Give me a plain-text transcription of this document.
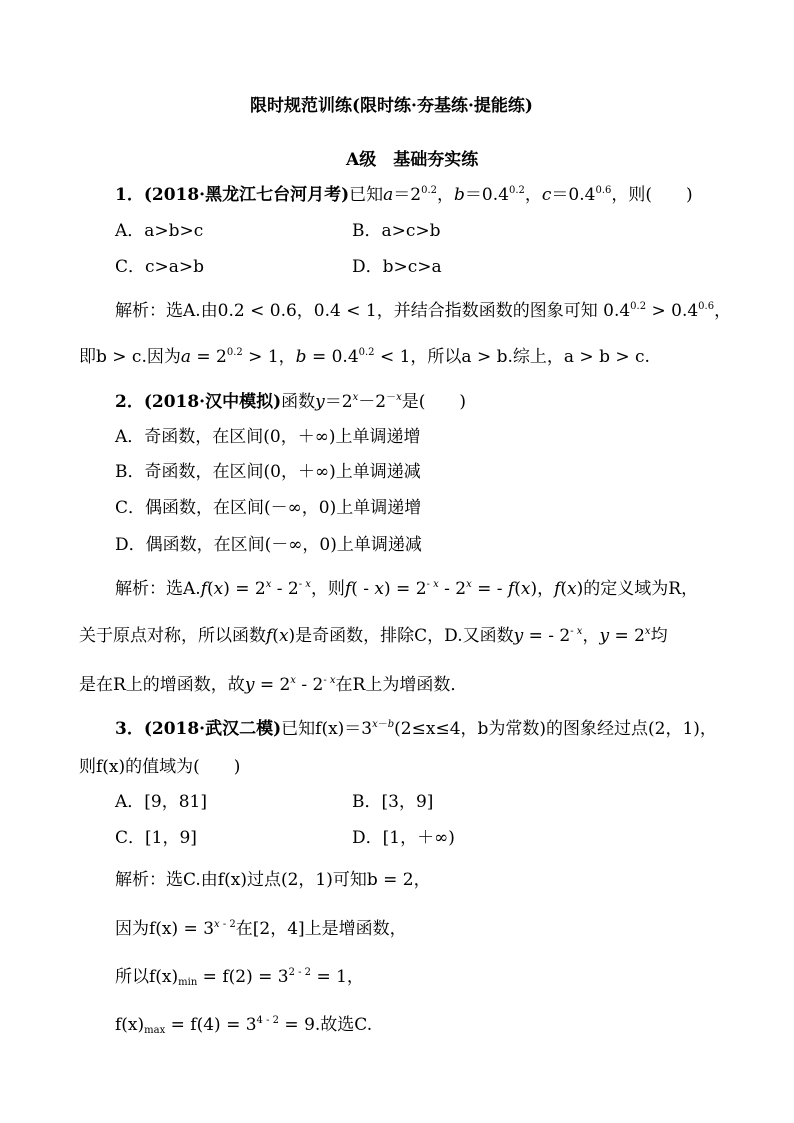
限时规范训练(限时练·夯基练·提能练)
A级　基础夯实练
1．(2018·黑龙江七台河月考)已知$a=2^{0.2}$，$b=0.4^{0.2}$，$c=0.4^{0.6}$，则(　　)
A．a>b>c	B．a>c>b
C．c>a>b	D．b>c>a
解析：选A.由0.2 < 0.6，0.4 < 1，并结合指数函数的图象可知 $0.4^{0.2} > 0.4^{0.6}$，
即b > c.因为$a = 2^{0.2} > 1$，$b = 0.4^{0.2} < 1$，所以a > b.综上，a > b > c.
2．(2018·汉中模拟)函数$y=2^x-2^{-x}$是(　　)
A．奇函数，在区间(0，＋∞)上单调递增
B．奇函数，在区间(0，＋∞)上单调递减
C．偶函数，在区间(－∞，0)上单调递增
D．偶函数，在区间(－∞，0)上单调递减
解析：选$A.f(x) = 2^x - 2^{- x}$，则$f( - x) = 2^{- x} - 2^x$ = - f(x)，f(x)的定义域为R，
关于原点对称，所以函数f(x)是奇函数，排除C，D.又函数y = - $2^{- x}$，$y = 2^x$均
是在R上的增函数，故$y = 2^x - 2^{- x}$在R上为增函数．
3．(2018·武汉二模)已知$f(x)=3^{x-b}(2\le x\le 4$，b为常数)的图象经过点(2，1)，
则f(x)的值域为(　　)
A．[9，81]	B．[3，9]
C．[1，9]	D．[1，＋∞)
解析：选C.由f(x)过点(2，1)可知b = 2，
因为$f(x) = 3^{x - 2}$在[2，4]上是增函数，
所以$f(x)_{min} = f(2) = 3^{2 - 2} = 1$，
$f(x)_{max} = f(4) = 3^{4 - 2} = 9$.故选C.
